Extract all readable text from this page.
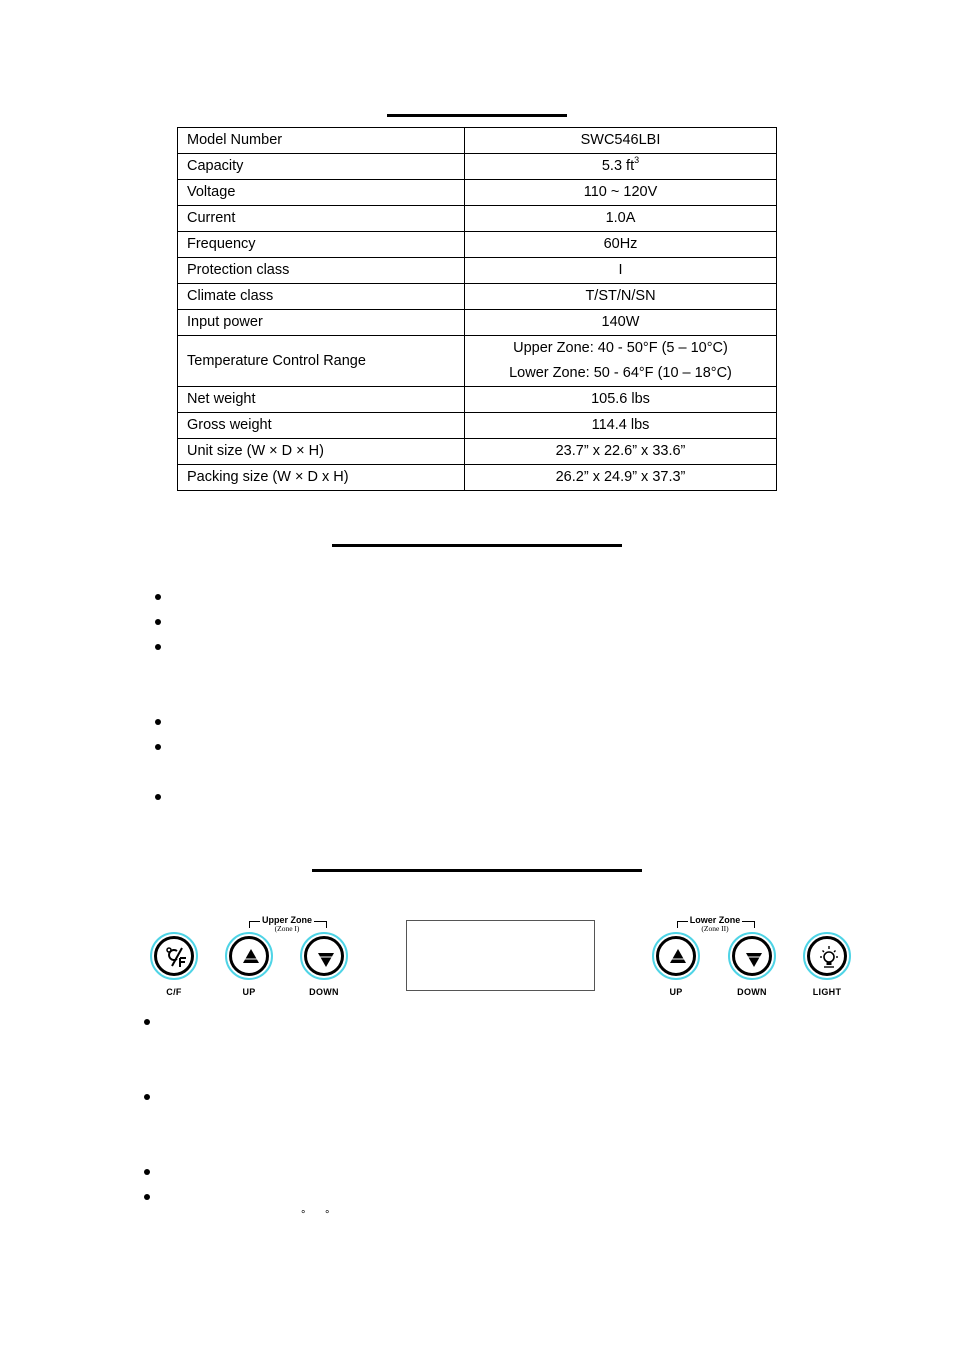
Model Number	SWC546LBI
Capacity	5.3 $ft^3$
Voltage	110 ~ 120V
Current	1.0A
Frequency	60Hz
Protection class	I
Climate class	T/ST/N/SN
Input power	140W
Temperature Control Range	Upper Zone: 40 - 50°F (5 – 10°C)
Lower Zone: 50 - 64°F (10 – 18°C)

Net weight	105.6 lbs
Gross weight	114.4 lbs
Unit size (W × D × H)	23.7” x 22.6” x 33.6”
Packing size (W × D x H)	26.2” x 24.9” x 37.3”
Upper Zone
(Zone I)
C/F	UP	DOWN
Lower Zone
(Zone II)
UP	DOWN	LIGHT
° °
